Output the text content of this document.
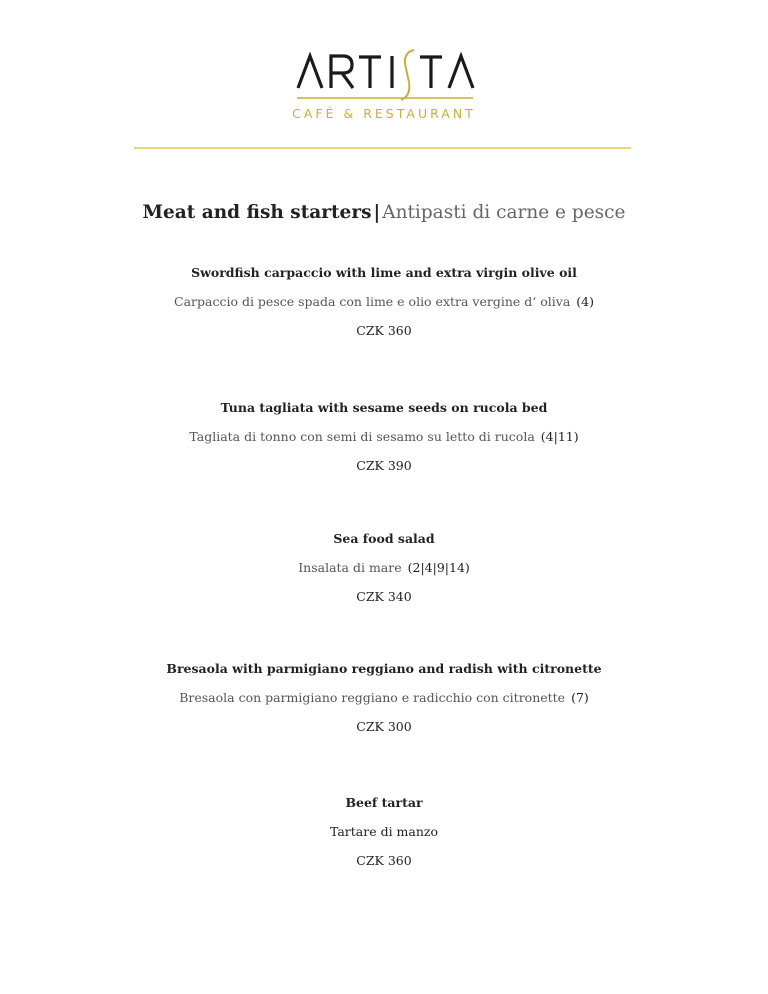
CAFÉ & RESTAURANT
Meat and fish starters | Antipasti di carne e pesce
Swordfish carpaccio with lime and extra virgin olive oil
Carpaccio di pesce spada con lime e olio extra vergine d‘ oliva (4)
CZK 360
Tuna tagliata with sesame seeds on rucola bed
Tagliata di tonno con semi di sesamo su letto di rucola (4|11)
CZK 390
Sea food salad
Insalata di mare (2|4|9|14)
CZK 340
Bresaola with parmigiano reggiano and radish with citronette
Bresaola con parmigiano reggiano e radicchio con citronette (7)
CZK 300
Beef tartar
Tartare di manzo
CZK 360
